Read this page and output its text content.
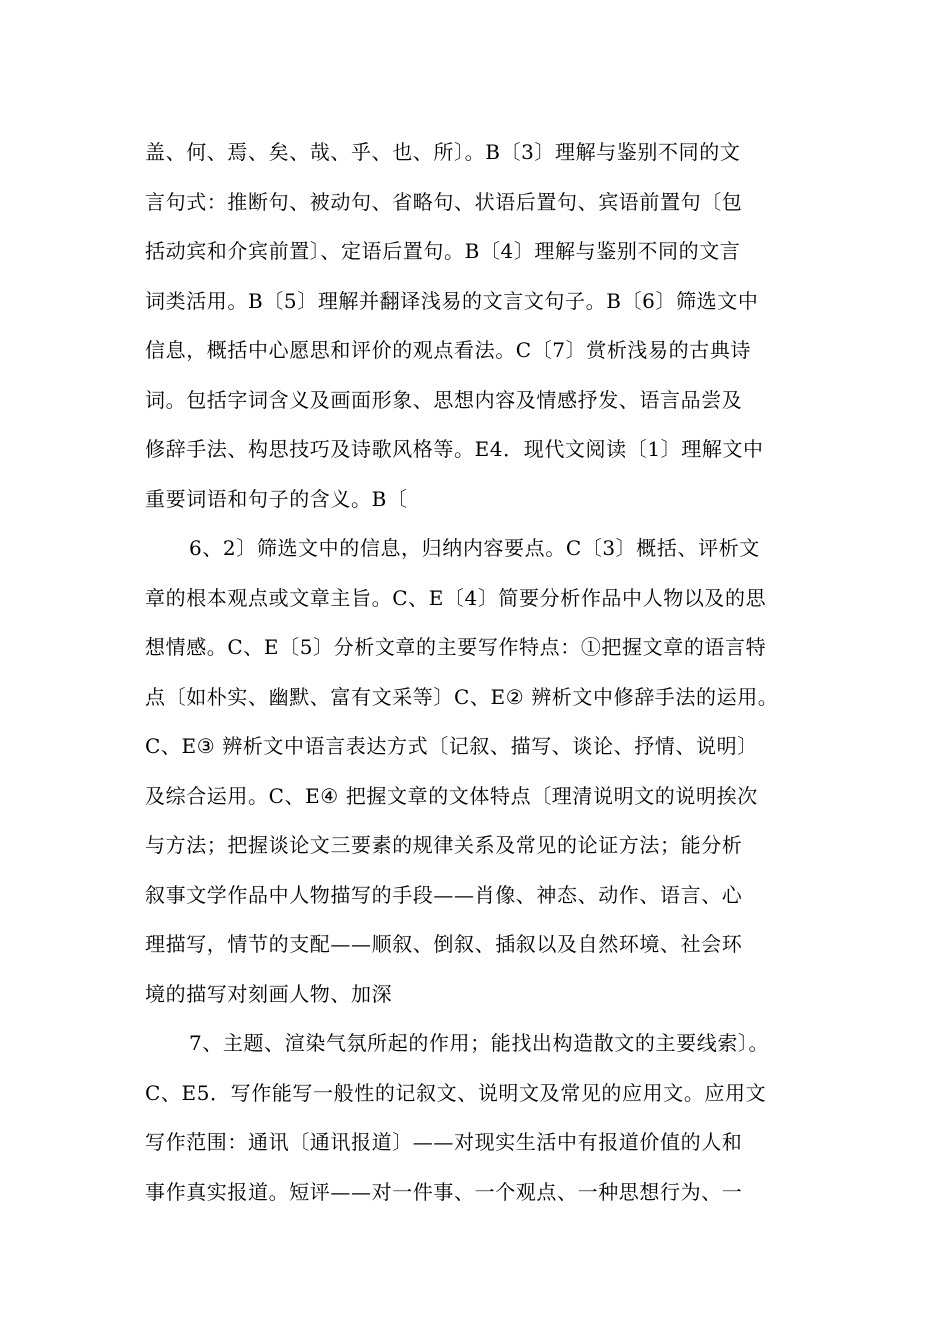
盖、何、焉、矣、哉、乎、也、所〕。B〔3〕理解与鉴别不同的文
言句式：推断句、被动句、省略句、状语后置句、宾语前置句〔包
括动宾和介宾前置〕、定语后置句。B〔4〕理解与鉴别不同的文言
词类活用。B〔5〕理解并翻译浅易的文言文句子。B〔6〕筛选文中
信息，概括中心愿思和评价的观点看法。C〔7〕赏析浅易的古典诗
词。包括字词含义及画面形象、思想内容及情感抒发、语言品尝及
修辞手法、构思技巧及诗歌风格等。E4．现代文阅读〔1〕理解文中
重要词语和句子的含义。B〔

6、2〕筛选文中的信息，归纳内容要点。C〔3〕概括、评析文
章的根本观点或文章主旨。C、E〔4〕简要分析作品中人物以及的思
想情感。C、E〔5〕分析文章的主要写作特点：①把握文章的语言特
点〔如朴实、幽默、富有文采等〕C、E② 辨析文中修辞手法的运用。
C、E③ 辨析文中语言表达方式〔记叙、描写、谈论、抒情、说明〕
及综合运用。C、E④ 把握文章的文体特点〔理清说明文的说明挨次
与方法；把握谈论文三要素的规律关系及常见的论证方法；能分析
叙事文学作品中人物描写的手段——肖像、神态、动作、语言、心
理描写，情节的支配——顺叙、倒叙、插叙以及自然环境、社会环
境的描写对刻画人物、加深

7、主题、渲染气氛所起的作用；能找出构造散文的主要线索〕。
C、E5．写作能写一般性的记叙文、说明文及常见的应用文。应用文
写作范围：通讯〔通讯报道〕——对现实生活中有报道价值的人和
事作真实报道。短评——对一件事、一个观点、一种思想行为、一
